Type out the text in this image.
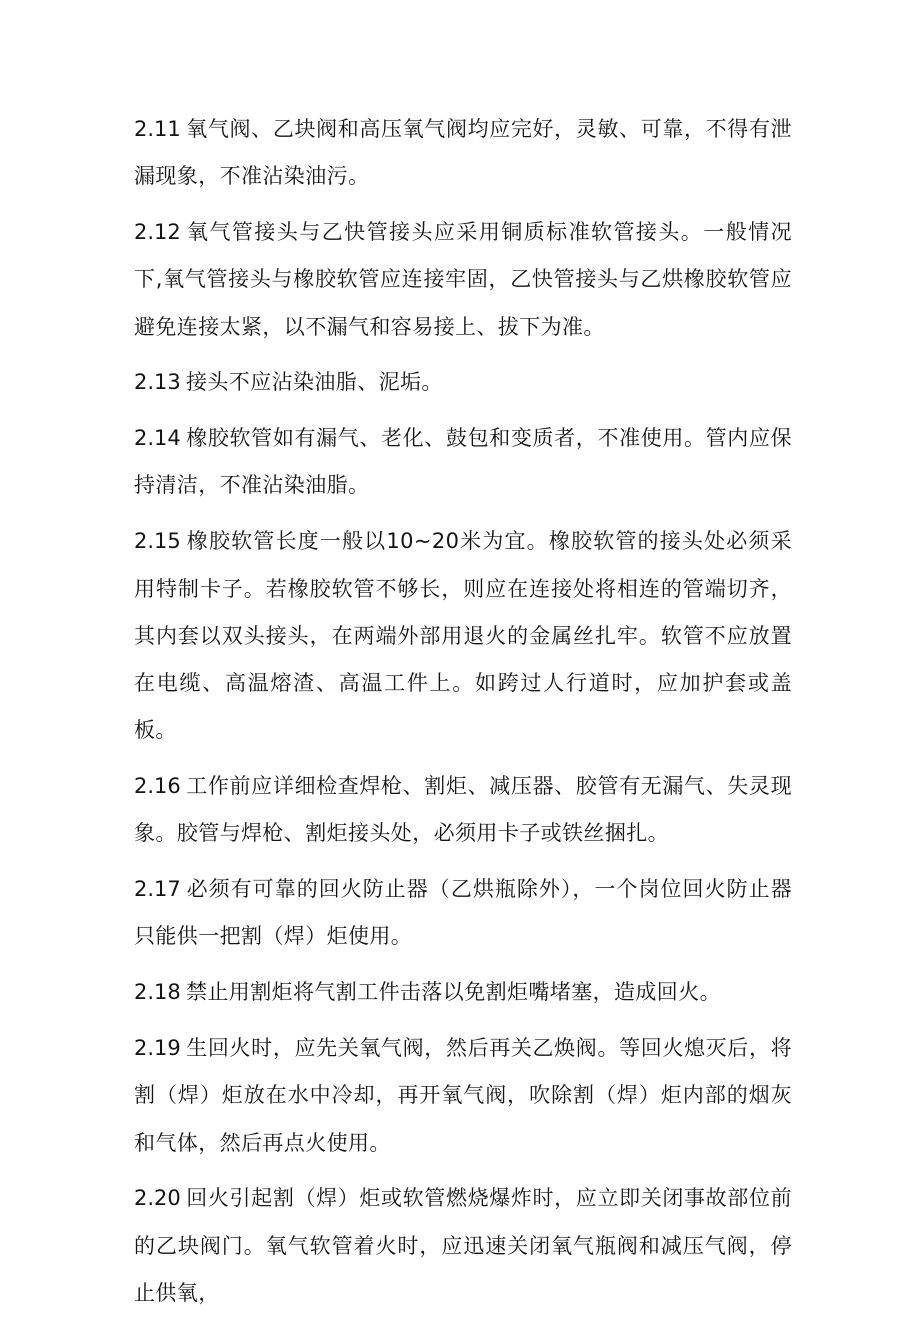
2.11 氧气阀、乙块阀和高压氧气阀均应完好，灵敏、可靠，不得有泄漏现象，不准沾染油污。

2.12 氧气管接头与乙快管接头应采用铜质标准软管接头。一般情况下,氧气管接头与橡胶软管应连接牢固，乙快管接头与乙烘橡胶软管应避免连接太紧，以不漏气和容易接上、拔下为准。

2.13 接头不应沾染油脂、泥垢。

2.14 橡胶软管如有漏气、老化、鼓包和变质者，不准使用。管内应保持清洁，不准沾染油脂。

2.15 橡胶软管长度一般以10~20米为宜。橡胶软管的接头处必须采用特制卡子。若橡胶软管不够长，则应在连接处将相连的管端切齐，其内套以双头接头，在两端外部用退火的金属丝扎牢。软管不应放置在电缆、高温熔渣、高温工件上。如跨过人行道时，应加护套或盖板。

2.16 工作前应详细检查焊枪、割炬、减压器、胶管有无漏气、失灵现象。胶管与焊枪、割炬接头处，必须用卡子或铁丝捆扎。

2.17 必须有可靠的回火防止器（乙烘瓶除外），一个岗位回火防止器只能供一把割（焊）炬使用。

2.18 禁止用割炬将气割工件击落以免割炬嘴堵塞，造成回火。

2.19 生回火时，应先关氧气阀，然后再关乙焕阀。等回火熄灭后，将割（焊）炬放在水中冷却，再开氧气阀，吹除割（焊）炬内部的烟灰和气体，然后再点火使用。

2.20 回火引起割（焊）炬或软管燃烧爆炸时，应立即关闭事故部位前的乙块阀门。氧气软管着火时，应迅速关闭氧气瓶阀和减压气阀，停止供氧，
